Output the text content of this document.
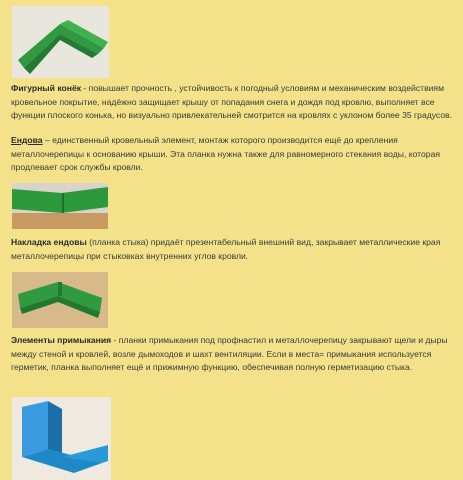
Фигурный конёк - повышает прочность , устойчивость к погодный условиям и механическим воздействиям кровельное покрытие, надёжно защищает крышу от попадания снега и дождя под кровлю, выполняет все функции плоского конька, но визуально привлекательней смотрится на кровлях с уклоном более 35 градусов.

Ендова – единственный кровельный элемент, монтаж которого производится ещё до крепления металлочерепицы к основанию крыши. Эта планка нужна также для равномерного стекания воды, которая продлевает срок службы кровли.

Накладка ендовы (планка стыка) придаёт презентабельный внешний вид, закрывает металлические края металлочерепицы при стыковках внутренних углов кровли.

Элементы примыкания - планки примыкания под профнастил и металлочерепицу закрывают щели и дыры между стеной и кровлей, возле дымоходов и шахт вентиляции. Если в места= примыкания используется герметик, планка выполняет ещё и прижимную функцию, обеспечивая полную герметизацию стыка.
